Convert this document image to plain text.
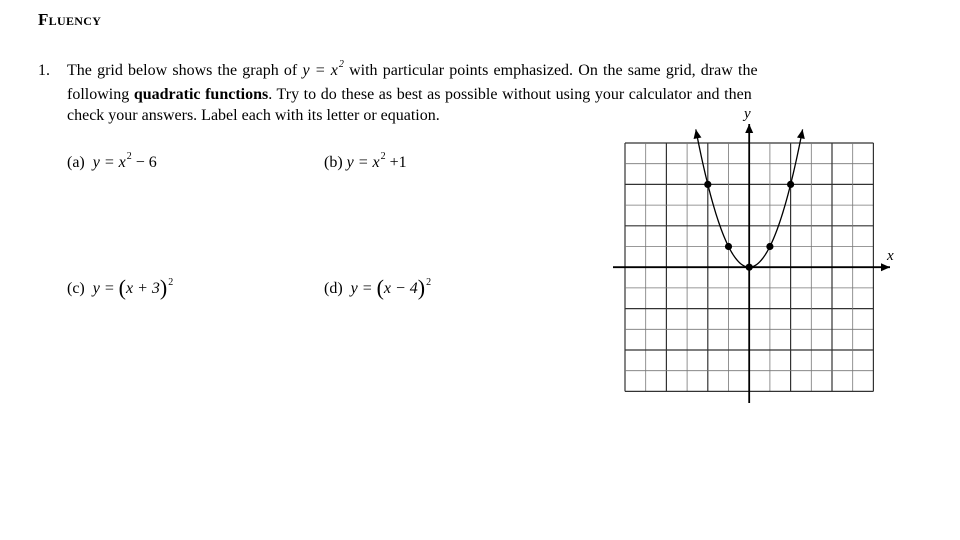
Fluency
1. The grid below shows the graph of $y = x^2$ with particular points emphasized. On the same grid, draw the
following quadratic functions. Try to do these as best as possible without using your calculator and then
check your answers. Label each with its letter or equation.
(a) $y = x^2 - 6$	(b) $y = x^2 +1$
(c) $y = (x + 3)^2$	(d) $y = (x - 4)^2$
x
y
